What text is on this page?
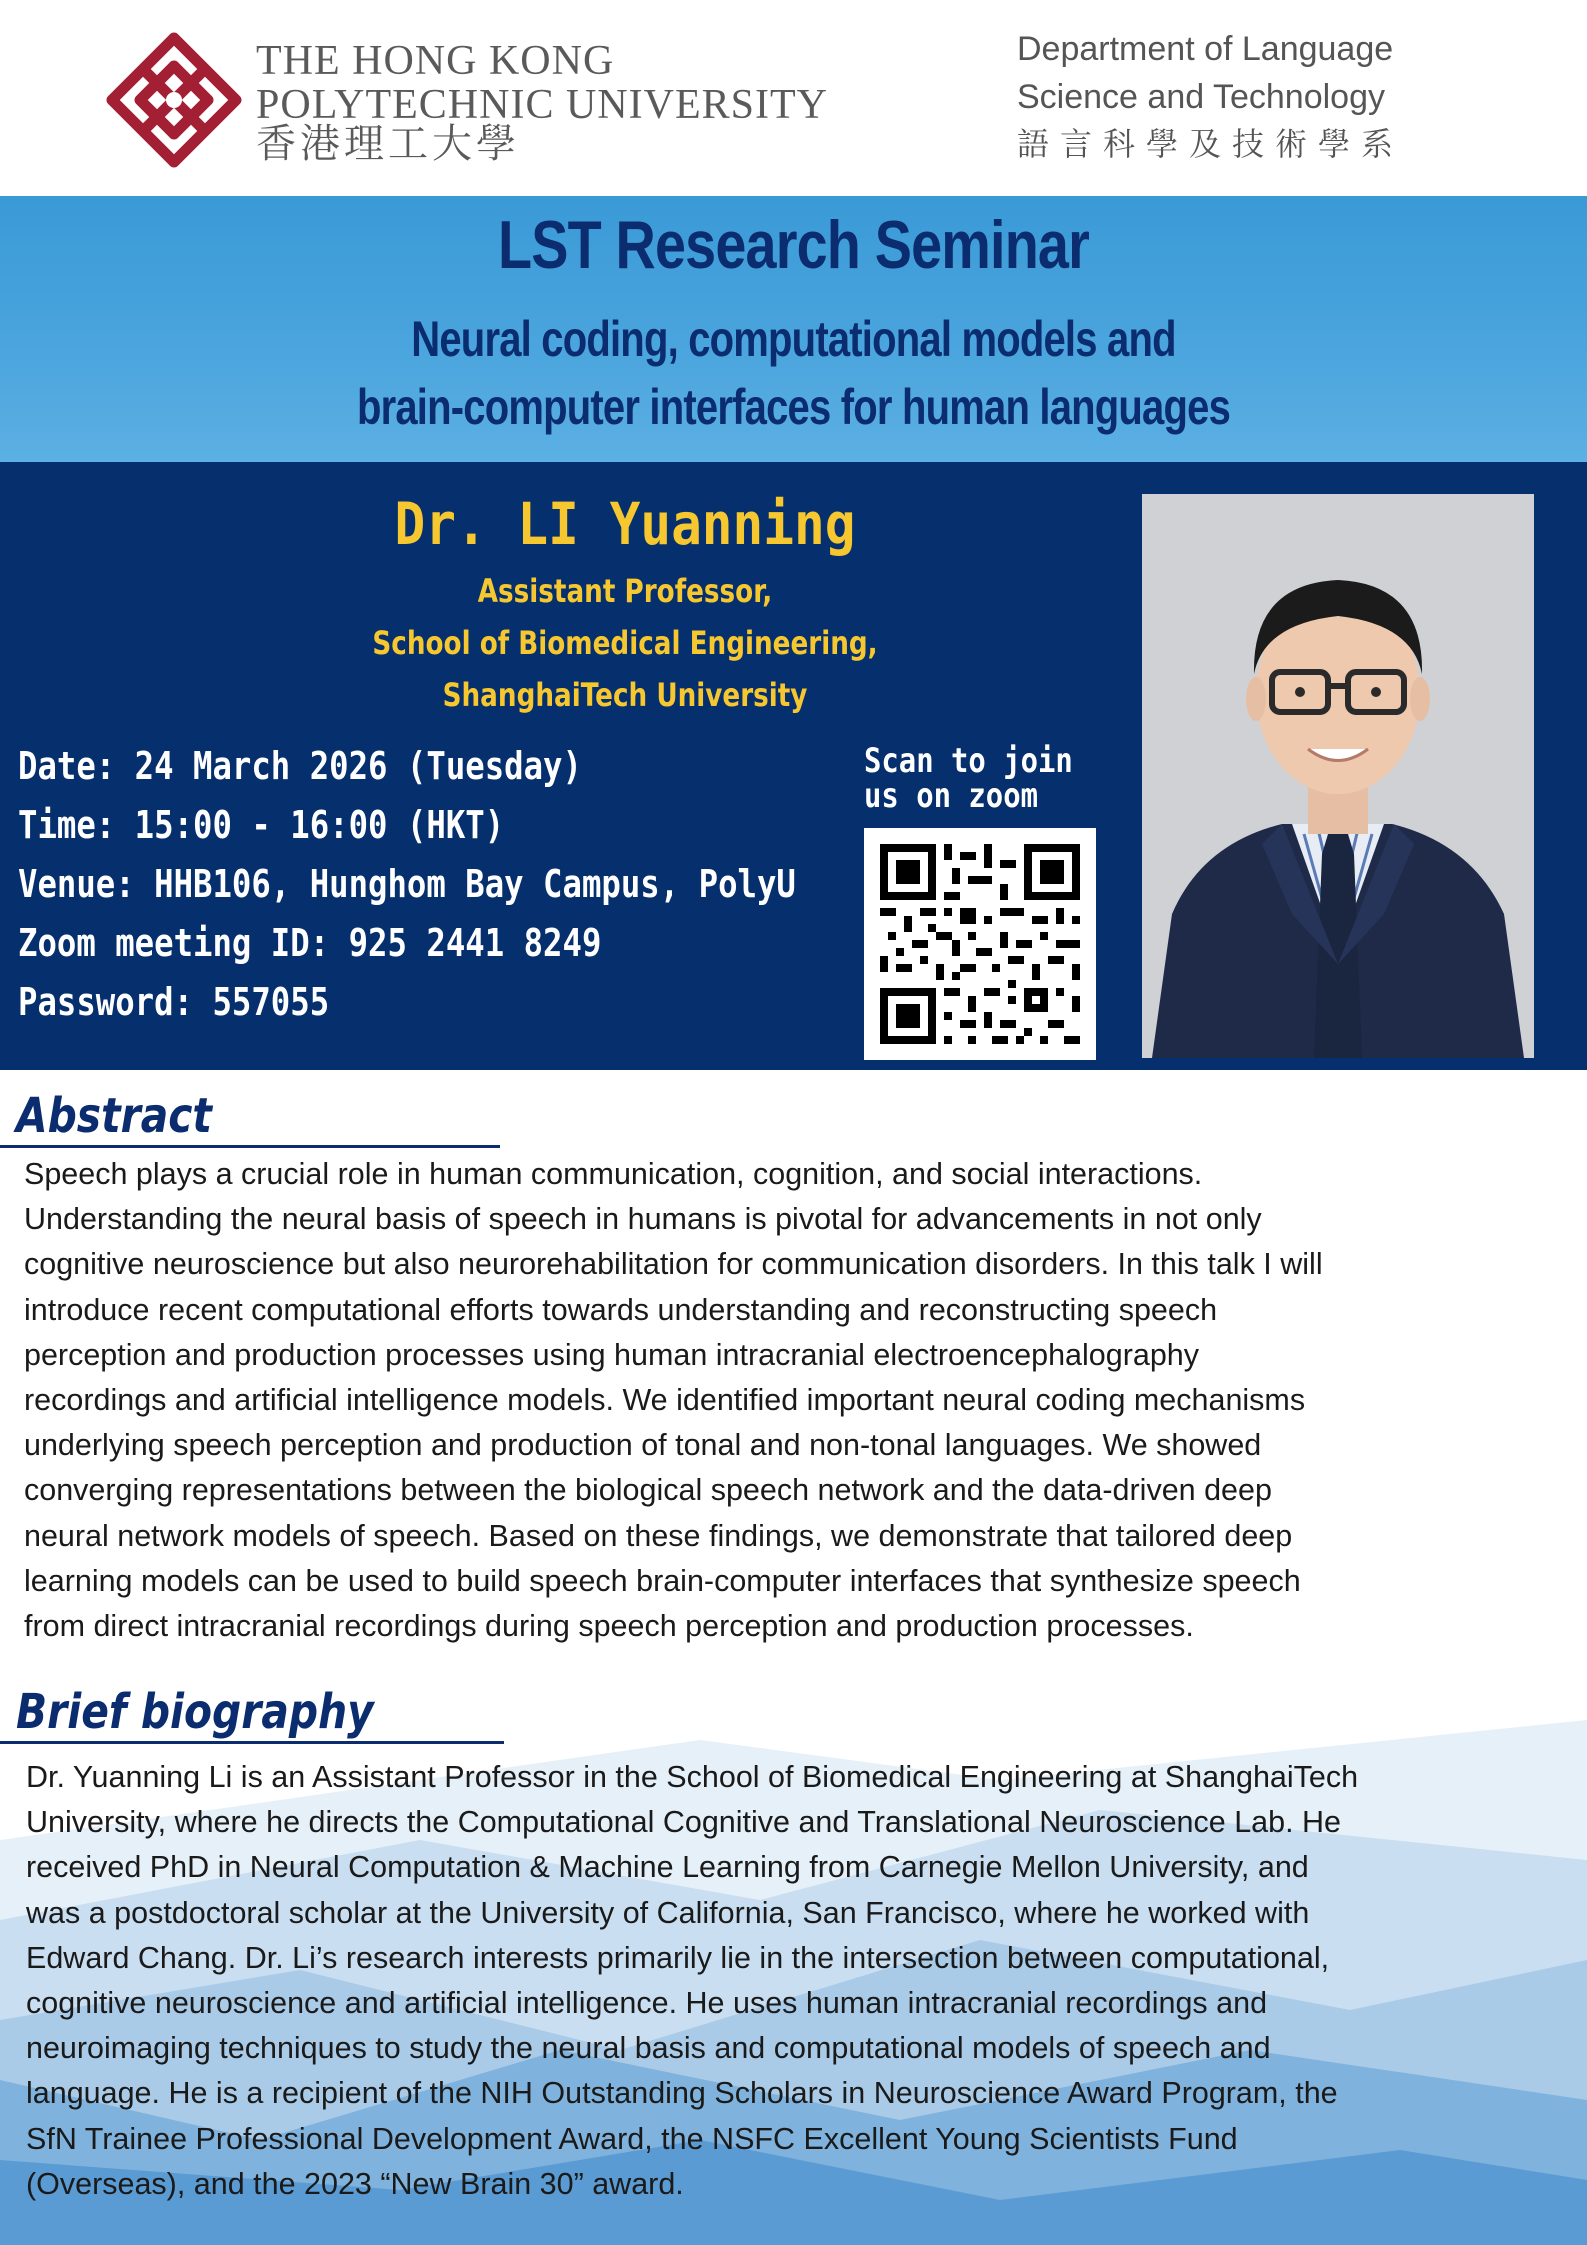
THE HONG KONG
POLYTECHNIC UNIVERSITY
香港理工大學
Department of Language
Science and Technology
語言科學及技術學系
LST Research Seminar
Neural coding, computational models and
brain-computer interfaces for human languages
Dr. LI Yuanning
Assistant Professor,
School of Biomedical Engineering,
ShanghaiTech University
Date: 24 March 2026 (Tuesday)
Time: 15:00 - 16:00 (HKT)
Venue: HHB106, Hunghom Bay Campus, PolyU
Zoom meeting ID: 925 2441 8249
Password: 557055
Scan to join
us on zoom
Abstract
Speech plays a crucial role in human communication, cognition, and social interactions.
Understanding the neural basis of speech in humans is pivotal for advancements in not only
cognitive neuroscience but also neurorehabilitation for communication disorders. In this talk I will
introduce recent computational efforts towards understanding and reconstructing speech
perception and production processes using human intracranial electroencephalography
recordings and artificial intelligence models. We identified important neural coding mechanisms
underlying speech perception and production of tonal and non-tonal languages. We showed
converging representations between the biological speech network and the data-driven deep
neural network models of speech. Based on these findings, we demonstrate that tailored deep
learning models can be used to build speech brain-computer interfaces that synthesize speech
from direct intracranial recordings during speech perception and production processes.
Brief biography
Dr. Yuanning Li is an Assistant Professor in the School of Biomedical Engineering at ShanghaiTech
University, where he directs the Computational Cognitive and Translational Neuroscience Lab. He
received PhD in Neural Computation & Machine Learning from Carnegie Mellon University, and
was a postdoctoral scholar at the University of California, San Francisco, where he worked with
Edward Chang. Dr. Li’s research interests primarily lie in the intersection between computational,
cognitive neuroscience and artificial intelligence. He uses human intracranial recordings and
neuroimaging techniques to study the neural basis and computational models of speech and
language. He is a recipient of the NIH Outstanding Scholars in Neuroscience Award Program, the
SfN Trainee Professional Development Award, the NSFC Excellent Young Scientists Fund
(Overseas), and the 2023 “New Brain 30” award.
